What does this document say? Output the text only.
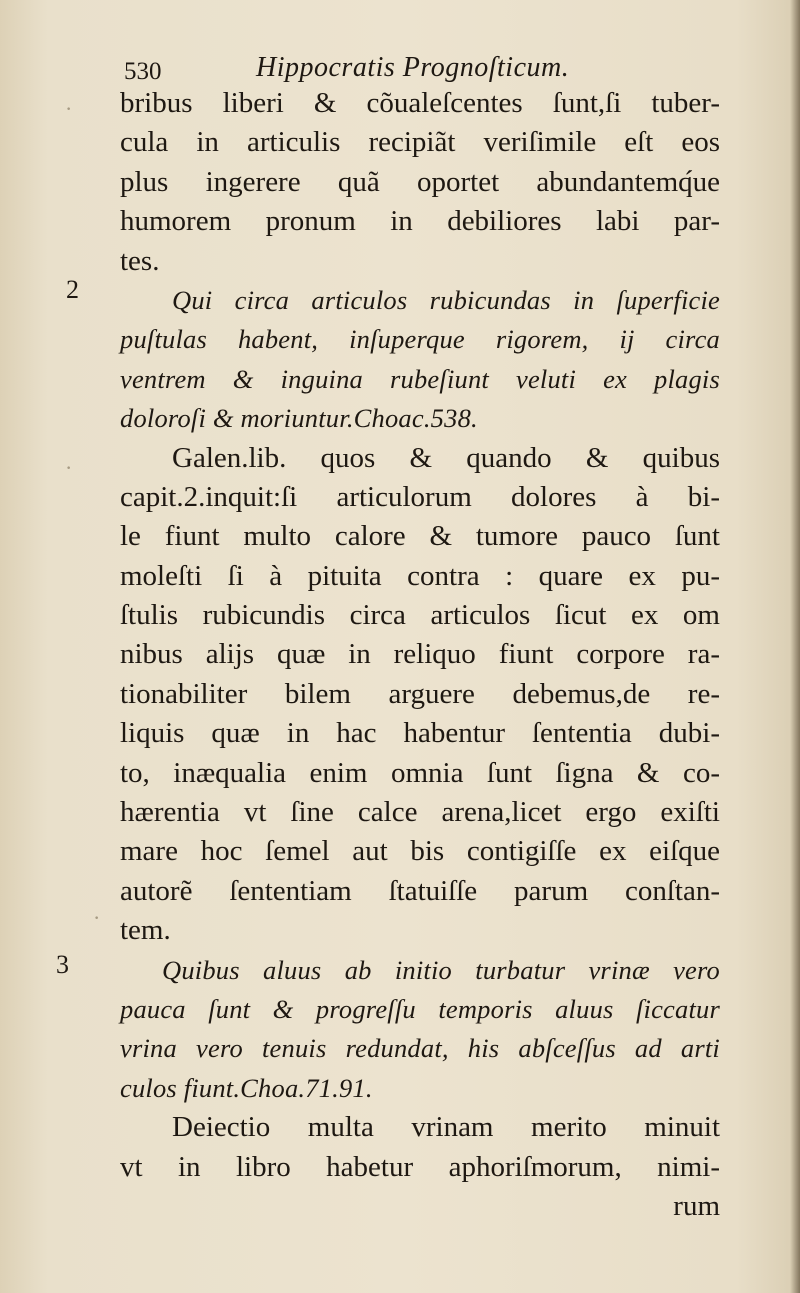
·
·
·
530	Hippocratis Prognoſticum.
2
3
bribus liberi & cõualeſcentes ſunt,ſi tuber-
cula in articulis recipiãt veriſimile eſt eos
plus ingerere quã oportet abundantemq́ue
humorem pronum in debiliores labi par-
tes.
Qui circa articulos rubicundas in ſuperficie
puſtulas habent, inſuperque rigorem, ij circa
ventrem & inguina rubeſiunt veluti ex plagis
doloroſi & moriuntur.Choac.538.
Galen.lib. quos & quando & quibus
capit.2.inquit:ſi articulorum dolores à bi-
le fiunt multo calore & tumore pauco ſunt
moleſti ſi à pituita contra : quare ex pu-
ſtulis rubicundis circa articulos ſicut ex om
nibus alijs quæ in reliquo fiunt corpore ra-
tionabiliter bilem arguere debemus,de re-
liquis quæ in hac habentur ſententia dubi-
to, inæqualia enim omnia ſunt ſigna & co-
hærentia vt ſine calce arena,licet ergo exiſti
mare hoc ſemel aut bis contigiſſe ex eiſque
autorẽ ſententiam ſtatuiſſe parum conſtan-
tem.
Quibus aluus ab initio turbatur vrinæ vero
pauca ſunt & progreſſu temporis aluus ſiccatur
vrina vero tenuis redundat, his abſceſſus ad arti
culos fiunt.Choa.71.91.
Deiectio multa vrinam merito minuit
vt in libro habetur aphoriſmorum, nimi-
rum
